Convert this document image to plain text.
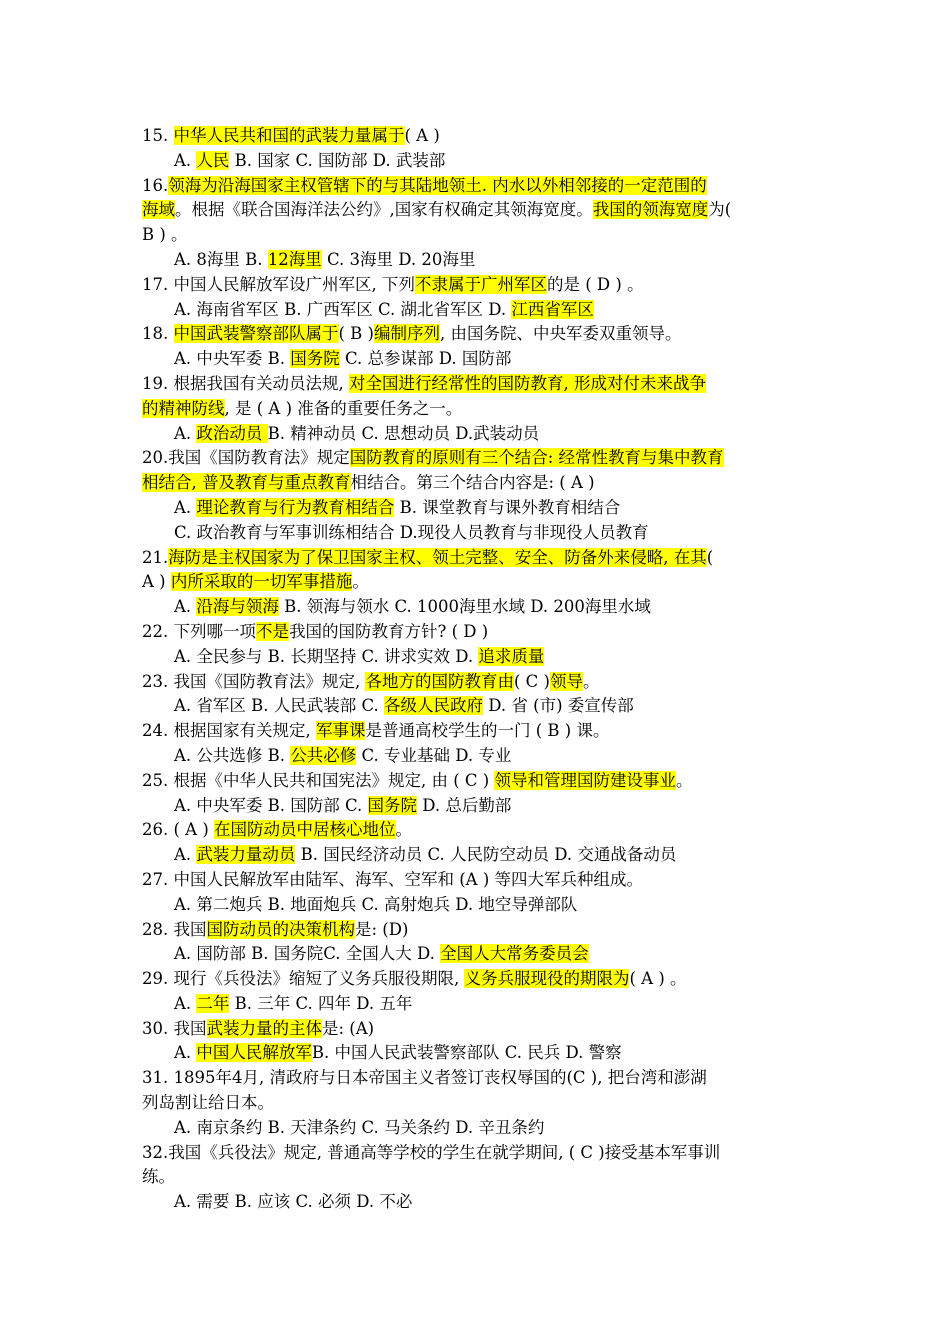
15. 中华人民共和国的武装力量属于( A )
A. 人民 B. 国家 C. 国防部 D. 武装部
16.领海为沿海国家主权管辖下的与其陆地领土. 内水以外相邻接的一定范围的
海域。根据《联合国海洋法公约》,国家有权确定其领海宽度。我国的领海宽度为(
B ) 。
A. 8海里 B. 12海里 C. 3海里 D. 20海里
17. 中国人民解放军设广州军区, 下列不隶属于广州军区的是 ( D ) 。
A. 海南省军区 B. 广西军区 C. 湖北省军区 D. 江西省军区
18. 中国武装警察部队属于( B )编制序列, 由国务院、中央军委双重领导。
A. 中央军委 B. 国务院 C. 总参谋部 D. 国防部
19. 根据我国有关动员法规, 对全国进行经常性的国防教育, 形成对付未来战争
的精神防线, 是 ( A ) 准备的重要任务之一。
A. 政治动员 B. 精神动员 C. 思想动员 D.武装动员
20.我国《国防教育法》规定国防教育的原则有三个结合: 经常性教育与集中教育
相结合, 普及教育与重点教育相结合。第三个结合内容是: ( A )
A. 理论教育与行为教育相结合 B. 课堂教育与课外教育相结合
C. 政治教育与军事训练相结合 D.现役人员教育与非现役人员教育
21.海防是主权国家为了保卫国家主权、领土完整、安全、防备外来侵略, 在其(
A ) 内所采取的一切军事措施。
A. 沿海与领海 B. 领海与领水 C. 1000海里水域 D. 200海里水域
22. 下列哪一项不是我国的国防教育方针? ( D )
A. 全民参与 B. 长期坚持 C. 讲求实效 D. 追求质量
23. 我国《国防教育法》规定, 各地方的国防教育由( C )领导。
A. 省军区 B. 人民武装部 C. 各级人民政府 D. 省 (市) 委宣传部
24. 根据国家有关规定, 军事课是普通高校学生的一门 ( B ) 课。
A. 公共选修 B. 公共必修 C. 专业基础 D. 专业
25. 根据《中华人民共和国宪法》规定, 由 ( C ) 领导和管理国防建设事业。
A. 中央军委 B. 国防部 C. 国务院 D. 总后勤部
26. ( A ) 在国防动员中居核心地位。
A. 武装力量动员 B. 国民经济动员 C. 人民防空动员 D. 交通战备动员
27. 中国人民解放军由陆军、海军、空军和 (A ) 等四大军兵种组成。
A. 第二炮兵 B. 地面炮兵 C. 高射炮兵 D. 地空导弹部队
28. 我国国防动员的决策机构是: (D)
A. 国防部 B. 国务院C. 全国人大 D. 全国人大常务委员会
29. 现行《兵役法》缩短了义务兵服役期限, 义务兵服现役的期限为( A ) 。
A. 二年 B. 三年 C. 四年 D. 五年
30. 我国武装力量的主体是: (A)
A. 中国人民解放军B. 中国人民武装警察部队 C. 民兵 D. 警察
31. 1895年4月, 清政府与日本帝国主义者签订丧权辱国的(C ), 把台湾和澎湖
列岛割让给日本。
A. 南京条约 B. 天津条约 C. 马关条约 D. 辛丑条约
32.我国《兵役法》规定, 普通高等学校的学生在就学期间, ( C )接受基本军事训
练。
A. 需要 B. 应该 C. 必须 D. 不必
